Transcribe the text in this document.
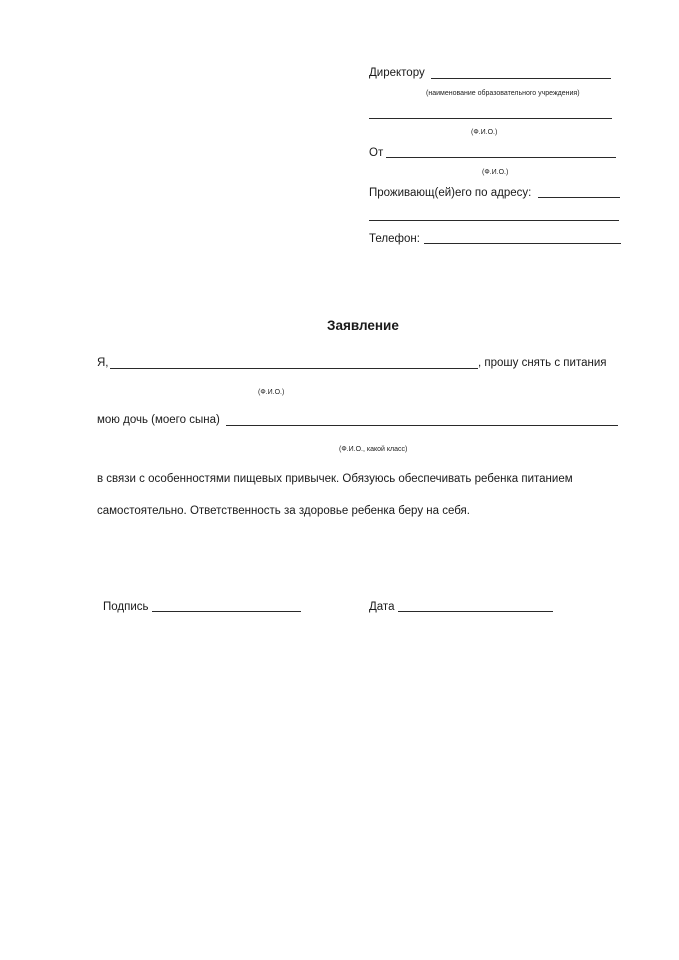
Директору
(наименование образовательного учреждения)
(Ф.И.О.)
От
(Ф.И.О.)
Проживающ(ей)его по адресу:
Телефон:
Заявление
Я,	, прошу снять с питания
(Ф.И.О.)
мою дочь (моего сына)
(Ф.И.О., какой класс)
в связи с особенностями пищевых привычек. Обязуюсь обеспечивать ребенка питанием
самостоятельно. Ответственность за здоровье ребенка беру на себя.
Подпись	Дата
